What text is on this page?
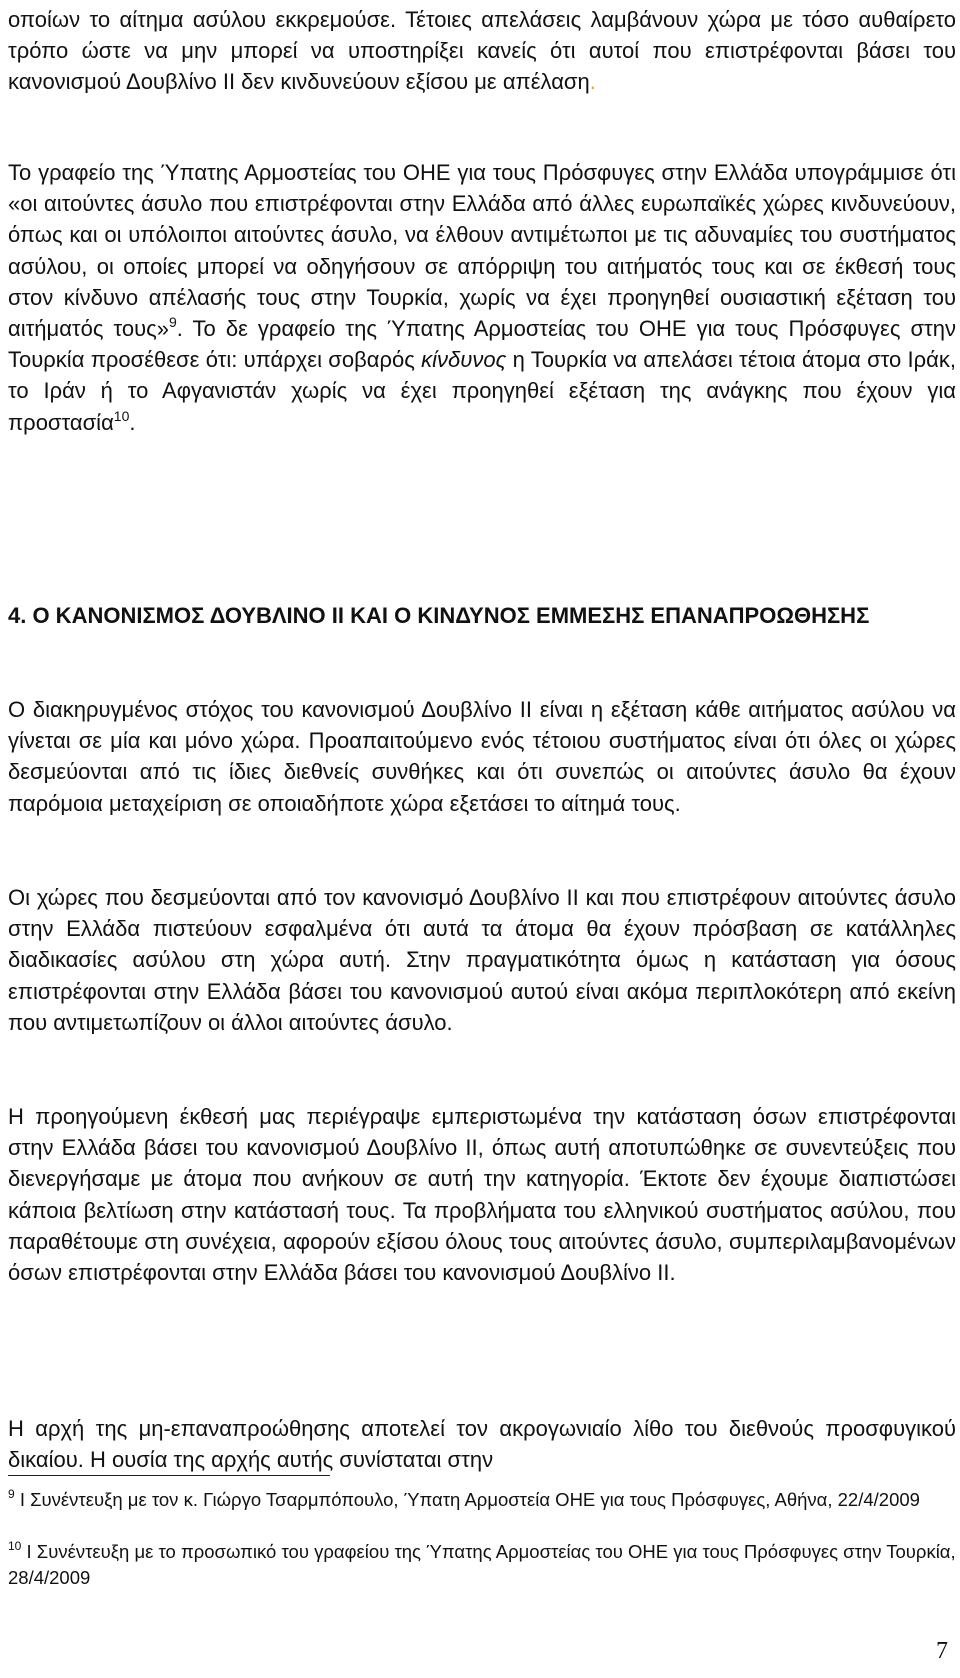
οποίων το αίτημα ασύλου εκκρεμούσε. Τέτοιες απελάσεις λαμβάνουν χώρα με τόσο αυθαίρετο τρόπο ώστε να μην μπορεί να υποστηρίξει κανείς ότι αυτοί που επιστρέφονται βάσει του κανονισμού Δουβλίνο ΙΙ δεν κινδυνεύουν εξίσου με απέλαση.

Το γραφείο της Ύπατης Αρμοστείας του ΟΗΕ για τους Πρόσφυγες στην Ελλάδα υπογράμμισε ότι «οι αιτούντες άσυλο που επιστρέφονται στην Ελλάδα από άλλες ευρωπαϊκές χώρες κινδυνεύουν, όπως και οι υπόλοιποι αιτούντες άσυλο, να έλθουν αντιμέτωποι με τις αδυναμίες του συστήματος ασύλου, οι οποίες μπορεί να οδηγήσουν σε απόρριψη του αιτήματός τους και σε έκθεσή τους στον κίνδυνο απέλασής τους στην Τουρκία, χωρίς να έχει προηγηθεί ουσιαστική εξέταση του αιτήματός τους»$^9$. Το δε γραφείο της Ύπατης Αρμοστείας του ΟΗΕ για τους Πρόσφυγες στην Τουρκία προσέθεσε ότι: υπάρχει σοβαρός κίνδυνος η Τουρκία να απελάσει τέτοια άτομα στο Ιράκ, το Ιράν ή το Αφγανιστάν χωρίς να έχει προηγηθεί εξέταση της ανάγκης που έχουν για προστασία$^{10}$.

4. Ο ΚΑΝΟΝΙΣΜΟΣ ΔΟΥΒΛΙΝΟ ΙΙ ΚΑΙ Ο ΚΙΝΔΥΝΟΣ ΕΜΜΕΣΗΣ ΕΠΑΝΑΠΡΟΩΘΗΣΗΣ

Ο διακηρυγμένος στόχος του κανονισμού Δουβλίνο ΙΙ είναι η εξέταση κάθε αιτήματος ασύλου να γίνεται σε μία και μόνο χώρα. Προαπαιτούμενο ενός τέτοιου συστήματος είναι ότι όλες οι χώρες δεσμεύονται από τις ίδιες διεθνείς συνθήκες και ότι συνεπώς οι αιτούντες άσυλο θα έχουν παρόμοια μεταχείριση σε οποιαδήποτε χώρα εξετάσει το αίτημά τους.

Οι χώρες που δεσμεύονται από τον κανονισμό Δουβλίνο ΙΙ και που επιστρέφουν αιτούντες άσυλο στην Ελλάδα πιστεύουν εσφαλμένα ότι αυτά τα άτομα θα έχουν πρόσβαση σε κατάλληλες διαδικασίες ασύλου στη χώρα αυτή. Στην πραγματικότητα όμως η κατάσταση για όσους επιστρέφονται στην Ελλάδα βάσει του κανονισμού αυτού είναι ακόμα περιπλοκότερη από εκείνη που αντιμετωπίζουν οι άλλοι αιτούντες άσυλο.

Η προηγούμενη έκθεσή μας περιέγραψε εμπεριστωμένα την κατάσταση όσων επιστρέφονται στην Ελλάδα βάσει του κανονισμού Δουβλίνο ΙΙ, όπως αυτή αποτυπώθηκε σε συνεντεύξεις που διενεργήσαμε με άτομα που ανήκουν σε αυτή την κατηγορία. Έκτοτε δεν έχουμε διαπιστώσει κάποια βελτίωση στην κατάστασή τους. Τα προβλήματα του ελληνικού συστήματος ασύλου, που παραθέτουμε στη συνέχεια, αφορούν εξίσου όλους τους αιτούντες άσυλο, συμπεριλαμβανομένων όσων επιστρέφονται στην Ελλάδα βάσει του κανονισμού Δουβλίνο ΙΙ.

Η αρχή της μη-επαναπροώθησης αποτελεί τον ακρογωνιαίο λίθο του διεθνούς προσφυγικού δικαίου. Η ουσία της αρχής αυτής συνίσταται στην

$^9$ Ι Συνέντευξη με τον κ. Γιώργο Τσαρμπόπουλο, Ύπατη Αρμοστεία ΟΗΕ για τους Πρόσφυγες, Αθήνα, 22/4/2009

$^{10}$ Ι Συνέντευξη με το προσωπικό του γραφείου της Ύπατης Αρμοστείας του ΟΗΕ για τους Πρόσφυγες στην Τουρκία, 28/4/2009

7
